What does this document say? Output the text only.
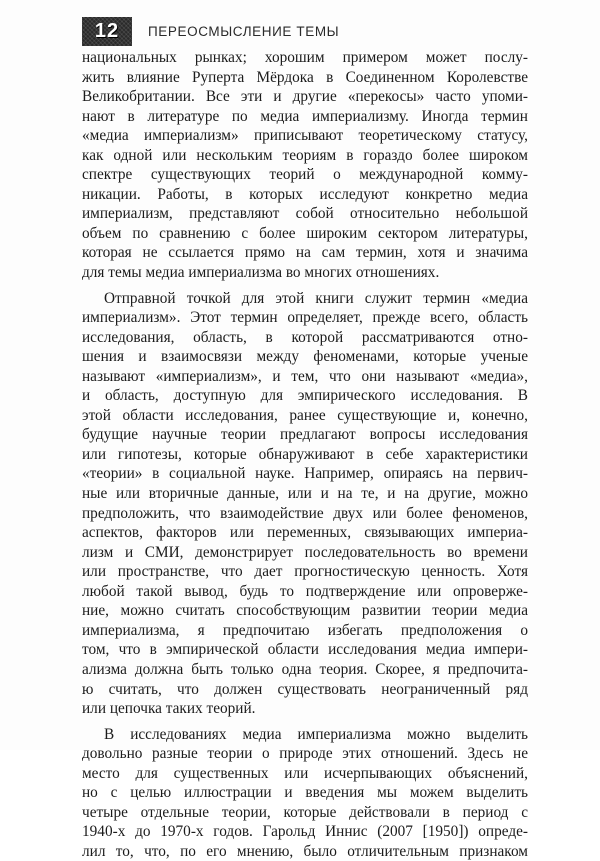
12 ПЕРЕОСМЫСЛЕНИЕ ТЕМЫ
национальных рынках; хорошим примером может послу-
жить влияние Руперта Мёрдока в Соединенном Королевстве
Великобритании. Все эти и другие «перекосы» часто упоми-
нают в литературе по медиа империализму. Иногда термин
«медиа империализм» приписывают теоретическому статусу,
как одной или нескольким теориям в гораздо более широком
спектре существующих теорий о международной комму-
никации. Работы, в которых исследуют конкретно медиа
империализм, представляют собой относительно небольшой
объем по сравнению с более широким сектором литературы,
которая не ссылается прямо на сам термин, хотя и значима
для темы медиа империализма во многих отношениях.
Отправной точкой для этой книги служит термин «медиа
империализм». Этот термин определяет, прежде всего, область
исследования, область, в которой рассматриваются отно-
шения и взаимосвязи между феноменами, которые ученые
называют «империализм», и тем, что они называют «медиа»,
и область, доступную для эмпирического исследования. В
этой области исследования, ранее существующие и, конечно,
будущие научные теории предлагают вопросы исследования
или гипотезы, которые обнаруживают в себе характеристики
«теории» в социальной науке. Например, опираясь на первич-
ные или вторичные данные, или и на те, и на другие, можно
предположить, что взаимодействие двух или более феноменов,
аспектов, факторов или переменных, связывающих империа-
лизм и СМИ, демонстрирует последовательность во времени
или пространстве, что дает прогностическую ценность. Хотя
любой такой вывод, будь то подтверждение или опроверже-
ние, можно считать способствующим развитии теории медиа
империализма, я предпочитаю избегать предположения о
том, что в эмпирической области исследования медиа импери-
ализма должна быть только одна теория. Скорее, я предпочита-
ю считать, что должен существовать неограниченный ряд
или цепочка таких теорий.
В исследованиях медиа империализма можно выделить
довольно разные теории о природе этих отношений. Здесь не
место для существенных или исчерпывающих объяснений,
но с целью иллюстрации и введения мы можем выделить
четыре отдельные теории, которые действовали в период с
1940-х до 1970-х годов. Гарольд Иннис (2007 [1950]) опреде-
лил то, что, по его мнению, было отличительным признаком
